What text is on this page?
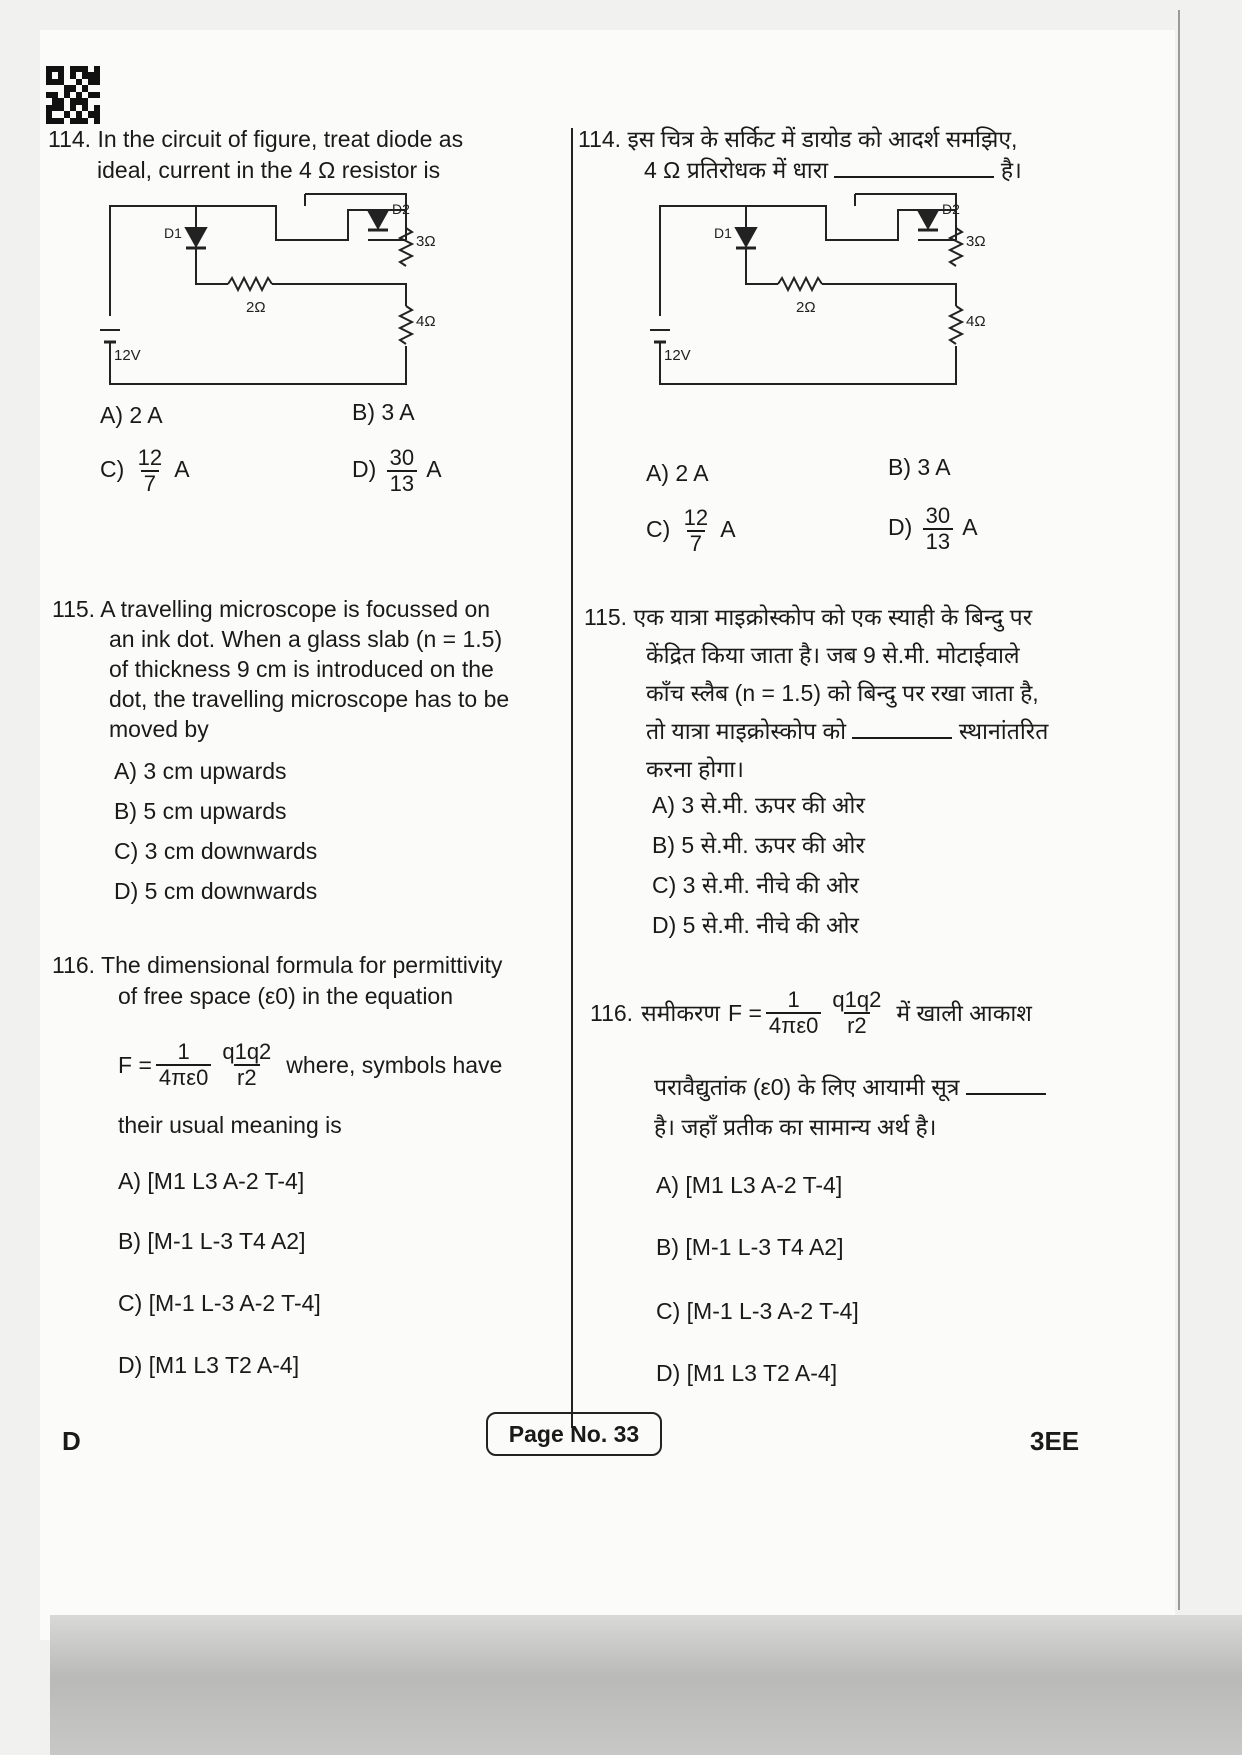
114. In the circuit of figure, treat diode as
ideal, current in the 4 Ω resistor is
D1
D2
3Ω
2Ω
4Ω
12V
A) 2 A	B) 3 A
$C) \frac{12}{7}$ A	$D) \frac{30}{13}$ A
115. A travelling microscope is focussed on
an ink dot. When a glass slab (n = 1.5)
of thickness 9 cm is introduced on the
dot, the travelling microscope has to be
moved by
A) 3 cm upwards
B) 5 cm upwards
C) 3 cm downwards
D) 5 cm downwards
116. The dimensional formula for permittivity
of free space (ε0) in the equation
$F = \frac{1}{4\pi\varepsilon 0} \frac{q1q2}{r2}$ where, symbols have
their usual meaning is
A) [M1 L3 A-2 T-4]
B) [M-1 L-3 T4 A2]
C) [M-1 L-3 A-2 T-4]
D) [M1 L3 T2 A-4]
114. इस चित्र के सर्किट में डायोड को आदर्श समझिए,
4 Ω प्रतिरोधक में धारा	है।
D1
D2
3Ω
2Ω
4Ω
12V
A) 2 A	B) 3 A
$C) \frac{12}{7}$ A	$D) \frac{30}{13}$ A
115. एक यात्रा माइक्रोस्कोप को एक स्याही के बिन्दु पर
केंद्रित किया जाता है। जब 9 से.मी. मोटाईवाले
काँच स्लैब (n = 1.5) को बिन्दु पर रखा जाता है,
तो यात्रा माइक्रोस्कोप को	स्थानांतरित
करना होगा।
A) 3 से.मी. ऊपर की ओर
B) 5 से.मी. ऊपर की ओर
C) 3 से.मी. नीचे की ओर
D) 5 से.मी. नीचे की ओर
116. समीकरण $F = \frac{1}{4\pi\varepsilon 0} \frac{q1q2}{r2}$ में खाली आकाश
परावैद्युतांक (ε0) के लिए आयामी सूत्र
है। जहाँ प्रतीक का सामान्य अर्थ है।
A) [M1 L3 A-2 T-4]
B) [M-1 L-3 T4 A2]
C) [M-1 L-3 A-2 T-4]
D) [M1 L3 T2 A-4]
D	Page No. 33	3EE
